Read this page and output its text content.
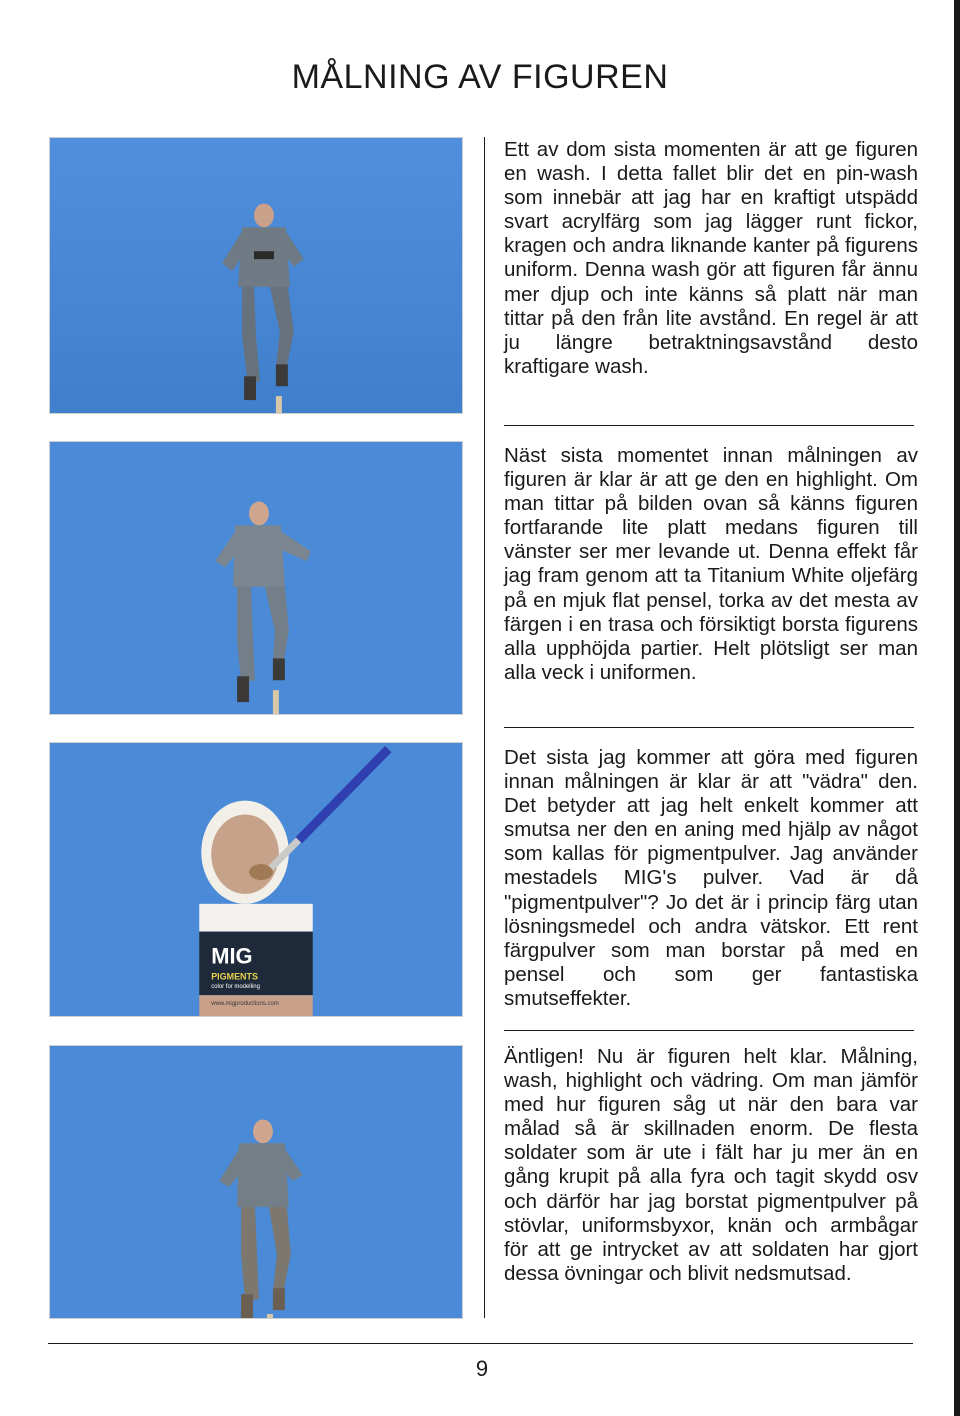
MÅLNING AV FIGUREN
MIG
PIGMENTS
color for modelling
www.migproductions.com

Ett av dom sista momenten är att ge figuren en wash. I detta fallet blir det en pin-wash som innebär att jag har en kraftigt utspädd svart acrylfärg som jag lägger runt fickor, kragen och andra liknande kanter på figurens uniform. Denna wash gör att figuren får ännu mer djup och inte känns så platt när man tittar på den från lite avstånd. En regel är att ju längre betraktningsavstånd desto kraftigare wash.

Näst sista momentet innan målningen av figuren är klar är att ge den en highlight. Om man tittar på bilden ovan så känns figuren fortfarande lite platt medans figuren till vänster ser mer levande ut. Denna effekt får jag fram genom att ta Titanium White oljefärg på en mjuk flat pensel, torka av det mesta av färgen i en trasa och försiktigt borsta figurens alla upphöjda partier. Helt plötsligt ser man alla veck i uniformen.

Det sista jag kommer att göra med figuren innan målningen är klar är att "vädra" den. Det betyder att jag helt enkelt kommer att smutsa ner den en aning med hjälp av något som kallas för pigmentpulver. Jag använder mestadels MIG's pulver. Vad är då "pigmentpulver"? Jo det är i princip färg utan lösningsmedel och andra vätskor. Ett rent färgpulver som man borstar på med en pensel och som ger fantastiska smutseffekter.

Äntligen! Nu är figuren helt klar. Målning, wash, highlight och vädring. Om man jämför med hur figuren såg ut när den bara var målad så är skillnaden enorm. De flesta soldater som är ute i fält har ju mer än en gång krupit på alla fyra och tagit skydd osv och därför har jag borstat pigmentpulver på stövlar, uniformsbyxor, knän och armbågar för att ge intrycket av att soldaten har gjort dessa övningar och blivit nedsmutsad.

9
